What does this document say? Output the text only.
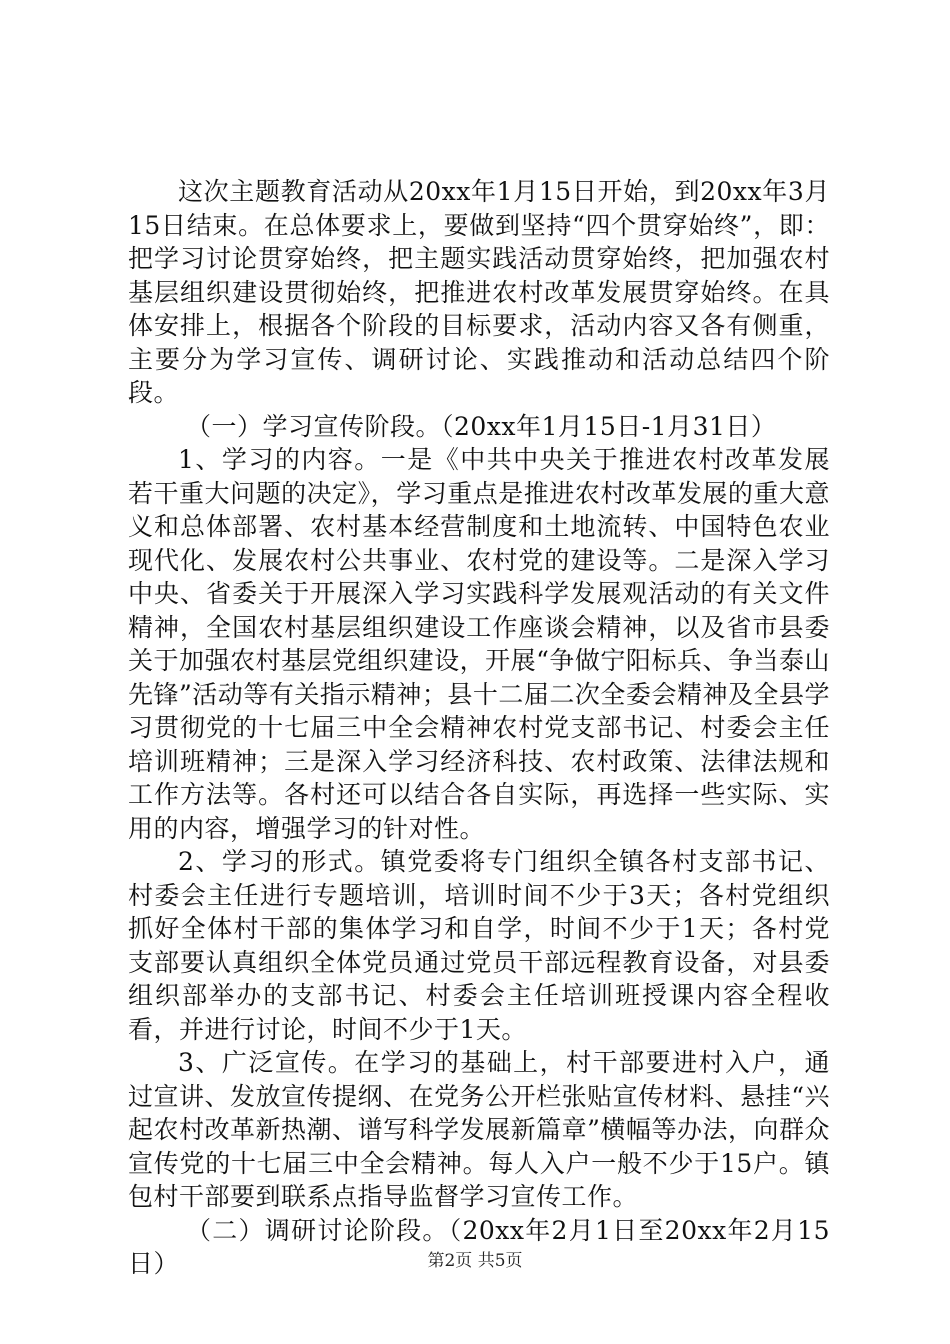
这次主题教育活动从20xx年1月15日开始，到20xx年3月15日结束。在总体要求上，要做到坚持“四个贯穿始终”，即：把学习讨论贯穿始终，把主题实践活动贯穿始终，把加强农村基层组织建设贯彻始终，把推进农村改革发展贯穿始终。在具体安排上，根据各个阶段的目标要求，活动内容又各有侧重，主要分为学习宣传、调研讨论、实践推动和活动总结四个阶段。

（一）学习宣传阶段。（20xx年1月15日-1月31日）

1、学习的内容。一是《中共中央关于推进农村改革发展若干重大问题的决定》，学习重点是推进农村改革发展的重大意义和总体部署、农村基本经营制度和土地流转、中国特色农业现代化、发展农村公共事业、农村党的建设等。二是深入学习中央、省委关于开展深入学习实践科学发展观活动的有关文件精神，全国农村基层组织建设工作座谈会精神，以及省市县委关于加强农村基层党组织建设，开展“争做宁阳标兵、争当泰山先锋”活动等有关指示精神；县十二届二次全委会精神及全县学习贯彻党的十七届三中全会精神农村党支部书记、村委会主任培训班精神；三是深入学习经济科技、农村政策、法律法规和工作方法等。各村还可以结合各自实际，再选择一些实际、实用的内容，增强学习的针对性。

2、学习的形式。镇党委将专门组织全镇各村支部书记、村委会主任进行专题培训，培训时间不少于3天；各村党组织抓好全体村干部的集体学习和自学，时间不少于1天；各村党支部要认真组织全体党员通过党员干部远程教育设备，对县委组织部举办的支部书记、村委会主任培训班授课内容全程收看，并进行讨论，时间不少于1天。

3、广泛宣传。在学习的基础上，村干部要进村入户，通过宣讲、发放宣传提纲、在党务公开栏张贴宣传材料、悬挂“兴起农村改革新热潮、谱写科学发展新篇章”横幅等办法，向群众宣传党的十七届三中全会精神。每人入户一般不少于15户。镇包村干部要到联系点指导监督学习宣传工作。

（二）调研讨论阶段。（20xx年2月1日至20xx年2月15日）	第2页 共5页
